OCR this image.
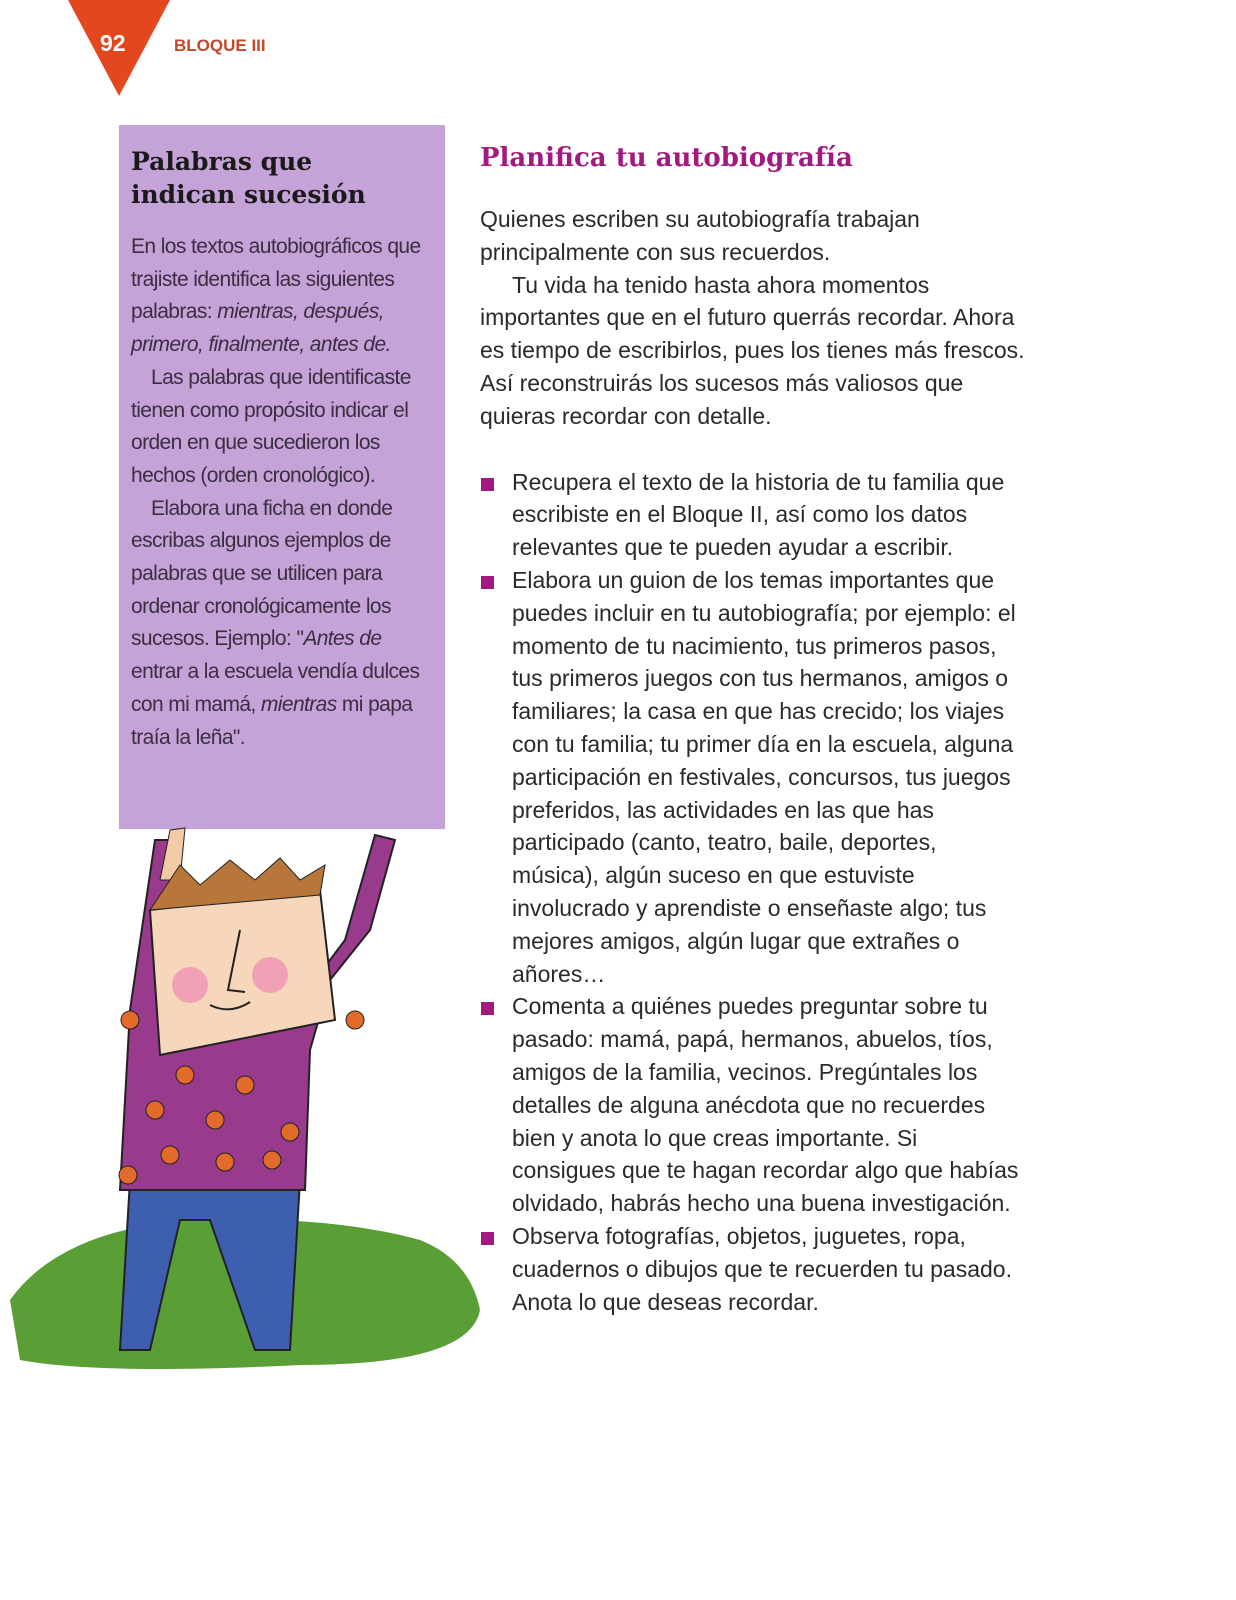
92	BLOQUE III
Palabras que indican sucesión

En los textos autobiográficos que trajiste identifica las siguientes palabras: mientras, después, primero, finalmente, antes de.

Las palabras que identificaste tienen como propósito indicar el orden en que sucedieron los hechos (orden cronológico).

Elabora una ficha en donde escribas algunos ejemplos de palabras que se utilicen para ordenar cronológicamente los sucesos. Ejemplo: "Antes de entrar a la escuela vendía dulces con mi mamá, mientras mi papa traía la leña".

Planifica tu autobiografía

Quienes escriben su autobiografía trabajan principalmente con sus recuerdos.

Tu vida ha tenido hasta ahora momentos importantes que en el futuro querrás recordar. Ahora es tiempo de escribirlos, pues los tienes más frescos. Así reconstruirás los sucesos más valiosos que quieras recordar con detalle.

Recupera el texto de la historia de tu familia que escribiste en el Bloque II, así como los datos relevantes que te pueden ayudar a escribir.
Elabora un guion de los temas importantes que puedes incluir en tu autobiografía; por ejemplo: el momento de tu nacimiento, tus primeros pasos, tus primeros juegos con tus hermanos, amigos o familiares; la casa en que has crecido; los viajes con tu familia; tu primer día en la escuela, alguna participación en festivales, concursos, tus juegos preferidos, las actividades en las que has participado (canto, teatro, baile, deportes, música), algún suceso en que estuviste involucrado y aprendiste o enseñaste algo; tus mejores amigos, algún lugar que extrañes o añores…
Comenta a quiénes puedes preguntar sobre tu pasado: mamá, papá, hermanos, abuelos, tíos, amigos de la familia, vecinos. Pregúntales los detalles de alguna anécdota que no recuerdes bien y anota lo que creas importante. Si consigues que te hagan recordar algo que habías olvidado, habrás hecho una buena investigación.
Observa fotografías, objetos, juguetes, ropa, cuadernos o dibujos que te recuerden tu pasado. Anota lo que deseas recordar.
